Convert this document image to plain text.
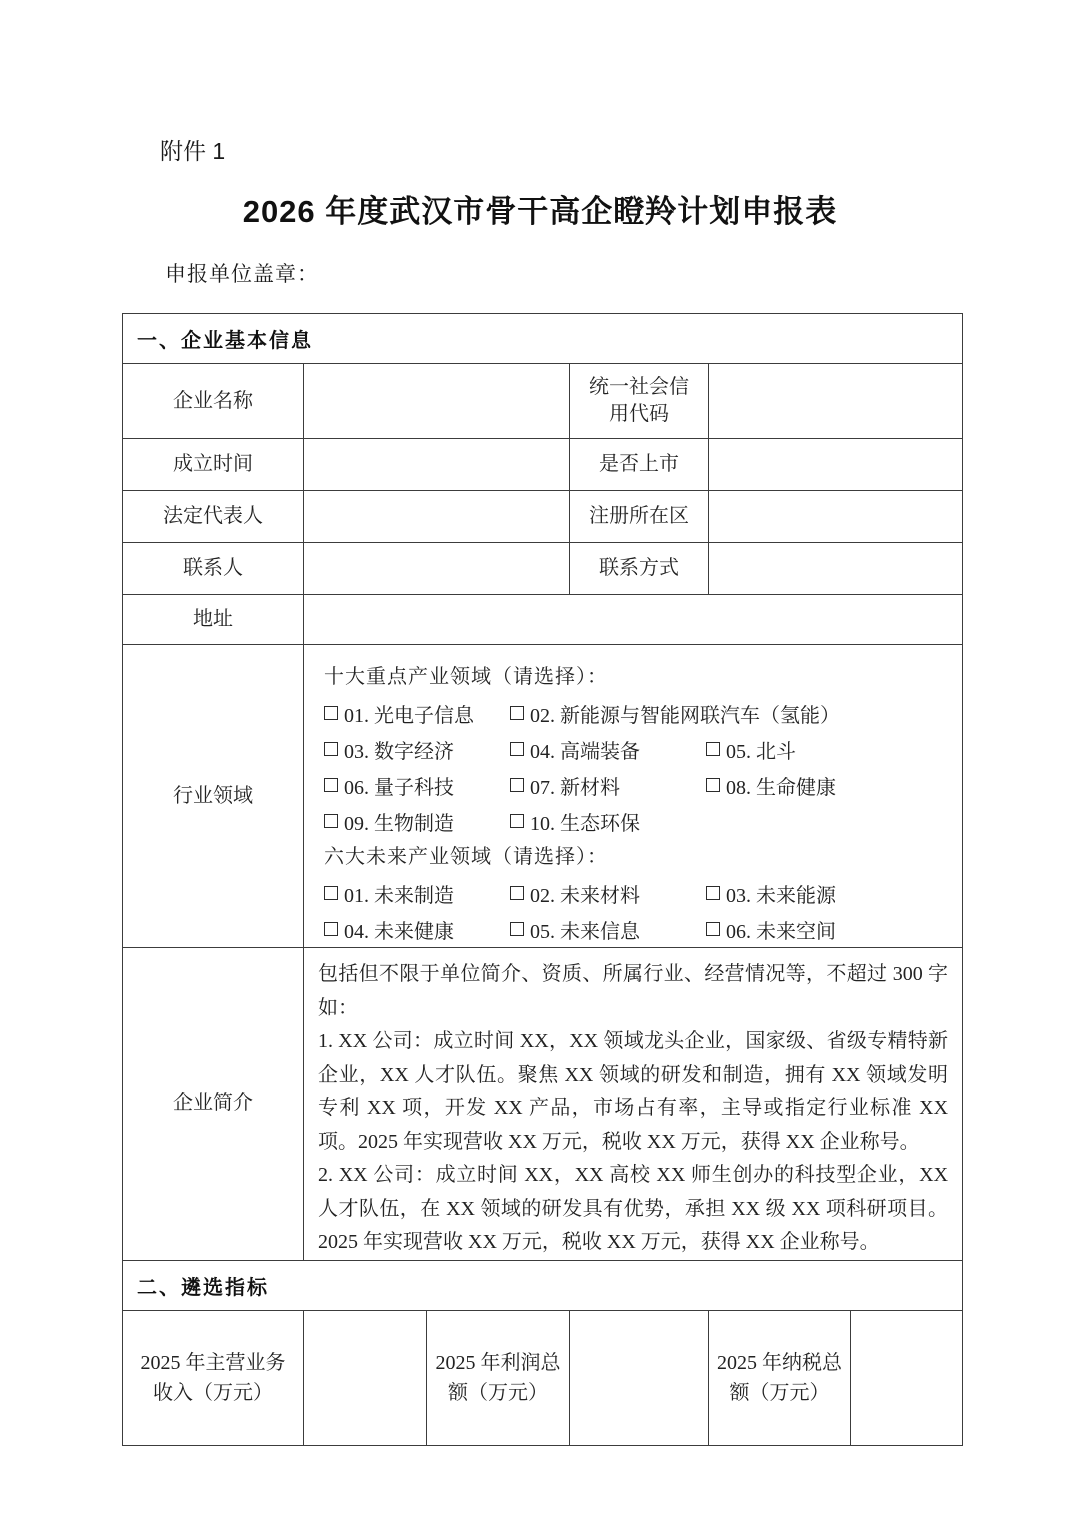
附件 1
2026 年度武汉市骨干高企瞪羚计划申报表
申报单位盖章：
一、企业基本信息					
企业名称			统一社会信用代码		
成立时间			是否上市		
法定代表人			注册所在区		
联系人			联系方式		
地址					
行业领域	
十大重点产业领域（请选择）：
01. 光电子信息	02. 新能源与智能网联汽车（氢能）
03. 数字经济	04. 高端装备	05. 北斗
06. 量子科技	07. 新材料	08. 生命健康
09. 生物制造	10. 生态环保
六大未来产业领域（请选择）：
01. 未来制造	02. 未来材料	03. 未来能源
04. 未来健康	05. 未来信息	06. 未来空间

企业简介	包括但不限于单位简介、资质、所属行业、经营情况等，不超过 300 字如：

1. XX 公司：成立时间 XX，XX 领域龙头企业，国家级、省级专精特新企业，XX 人才队伍。聚焦 XX 领域的研发和制造，拥有 XX 领域发明专利 XX 项，开发 XX 产品，市场占有率，主导或指定行业标准 XX 项。2025 年实现营收 XX 万元，税收 XX 万元，获得 XX 企业称号。

2. XX 公司：成立时间 XX，XX 高校 XX 师生创办的科技型企业，XX 人才队伍，在 XX 领域的研发具有优势，承担 XX 级 XX 项科研项目。2025 年实现营收 XX 万元，税收 XX 万元，获得 XX 企业称号。				

二、遴选指标					
2025 年主营业务收入（万元）		2025 年利润总额（万元）		2025 年纳税总额（万元）	
